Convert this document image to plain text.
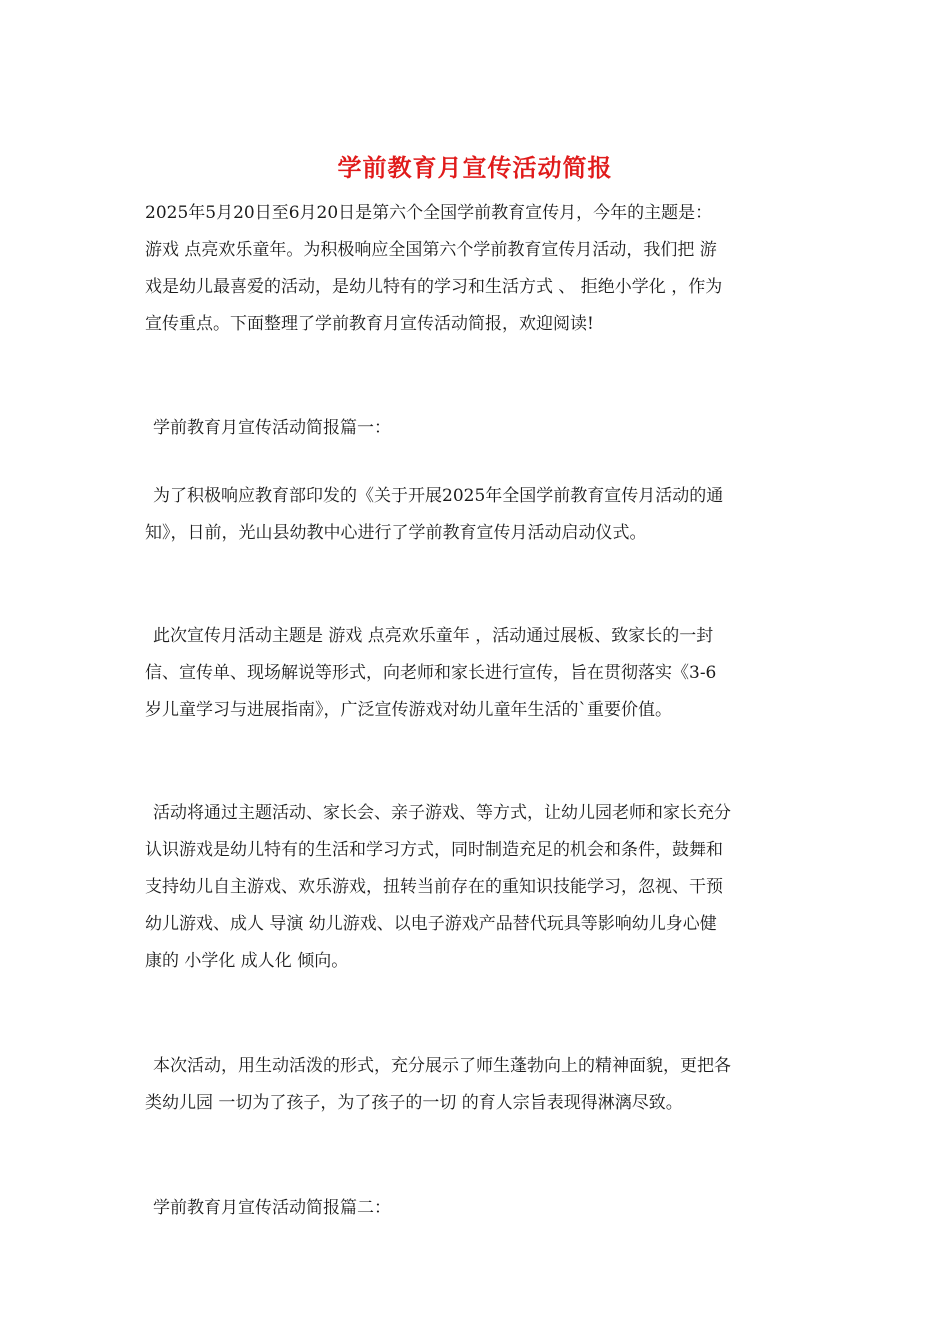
学前教育月宣传活动简报
2025年5月20日至6月20日是第六个全国学前教育宣传月，今年的主题是：
游戏 点亮欢乐童年。为积极响应全国第六个学前教育宣传月活动，我们把 游
戏是幼儿最喜爱的活动，是幼儿特有的学习和生活方式 、 拒绝小学化 ，作为
宣传重点。下面整理了学前教育月宣传活动简报，欢迎阅读!
学前教育月宣传活动简报篇一：
为了积极响应教育部印发的《关于开展2025年全国学前教育宣传月活动的通
知》，日前，光山县幼教中心进行了学前教育宣传月活动启动仪式。
此次宣传月活动主题是 游戏 点亮欢乐童年 ，活动通过展板、致家长的一封
信、宣传单、现场解说等形式，向老师和家长进行宣传，旨在贯彻落实《3-6
岁儿童学习与进展指南》，广泛宣传游戏对幼儿童年生活的`重要价值。
活动将通过主题活动、家长会、亲子游戏、等方式，让幼儿园老师和家长充分
认识游戏是幼儿特有的生活和学习方式，同时制造充足的机会和条件，鼓舞和
支持幼儿自主游戏、欢乐游戏，扭转当前存在的重知识技能学习，忽视、干预
幼儿游戏、成人 导演 幼儿游戏、以电子游戏产品替代玩具等影响幼儿身心健
康的 小学化 成人化 倾向。
本次活动，用生动活泼的形式，充分展示了师生蓬勃向上的精神面貌，更把各
类幼儿园 一切为了孩子，为了孩子的一切 的育人宗旨表现得淋漓尽致。
学前教育月宣传活动简报篇二：
